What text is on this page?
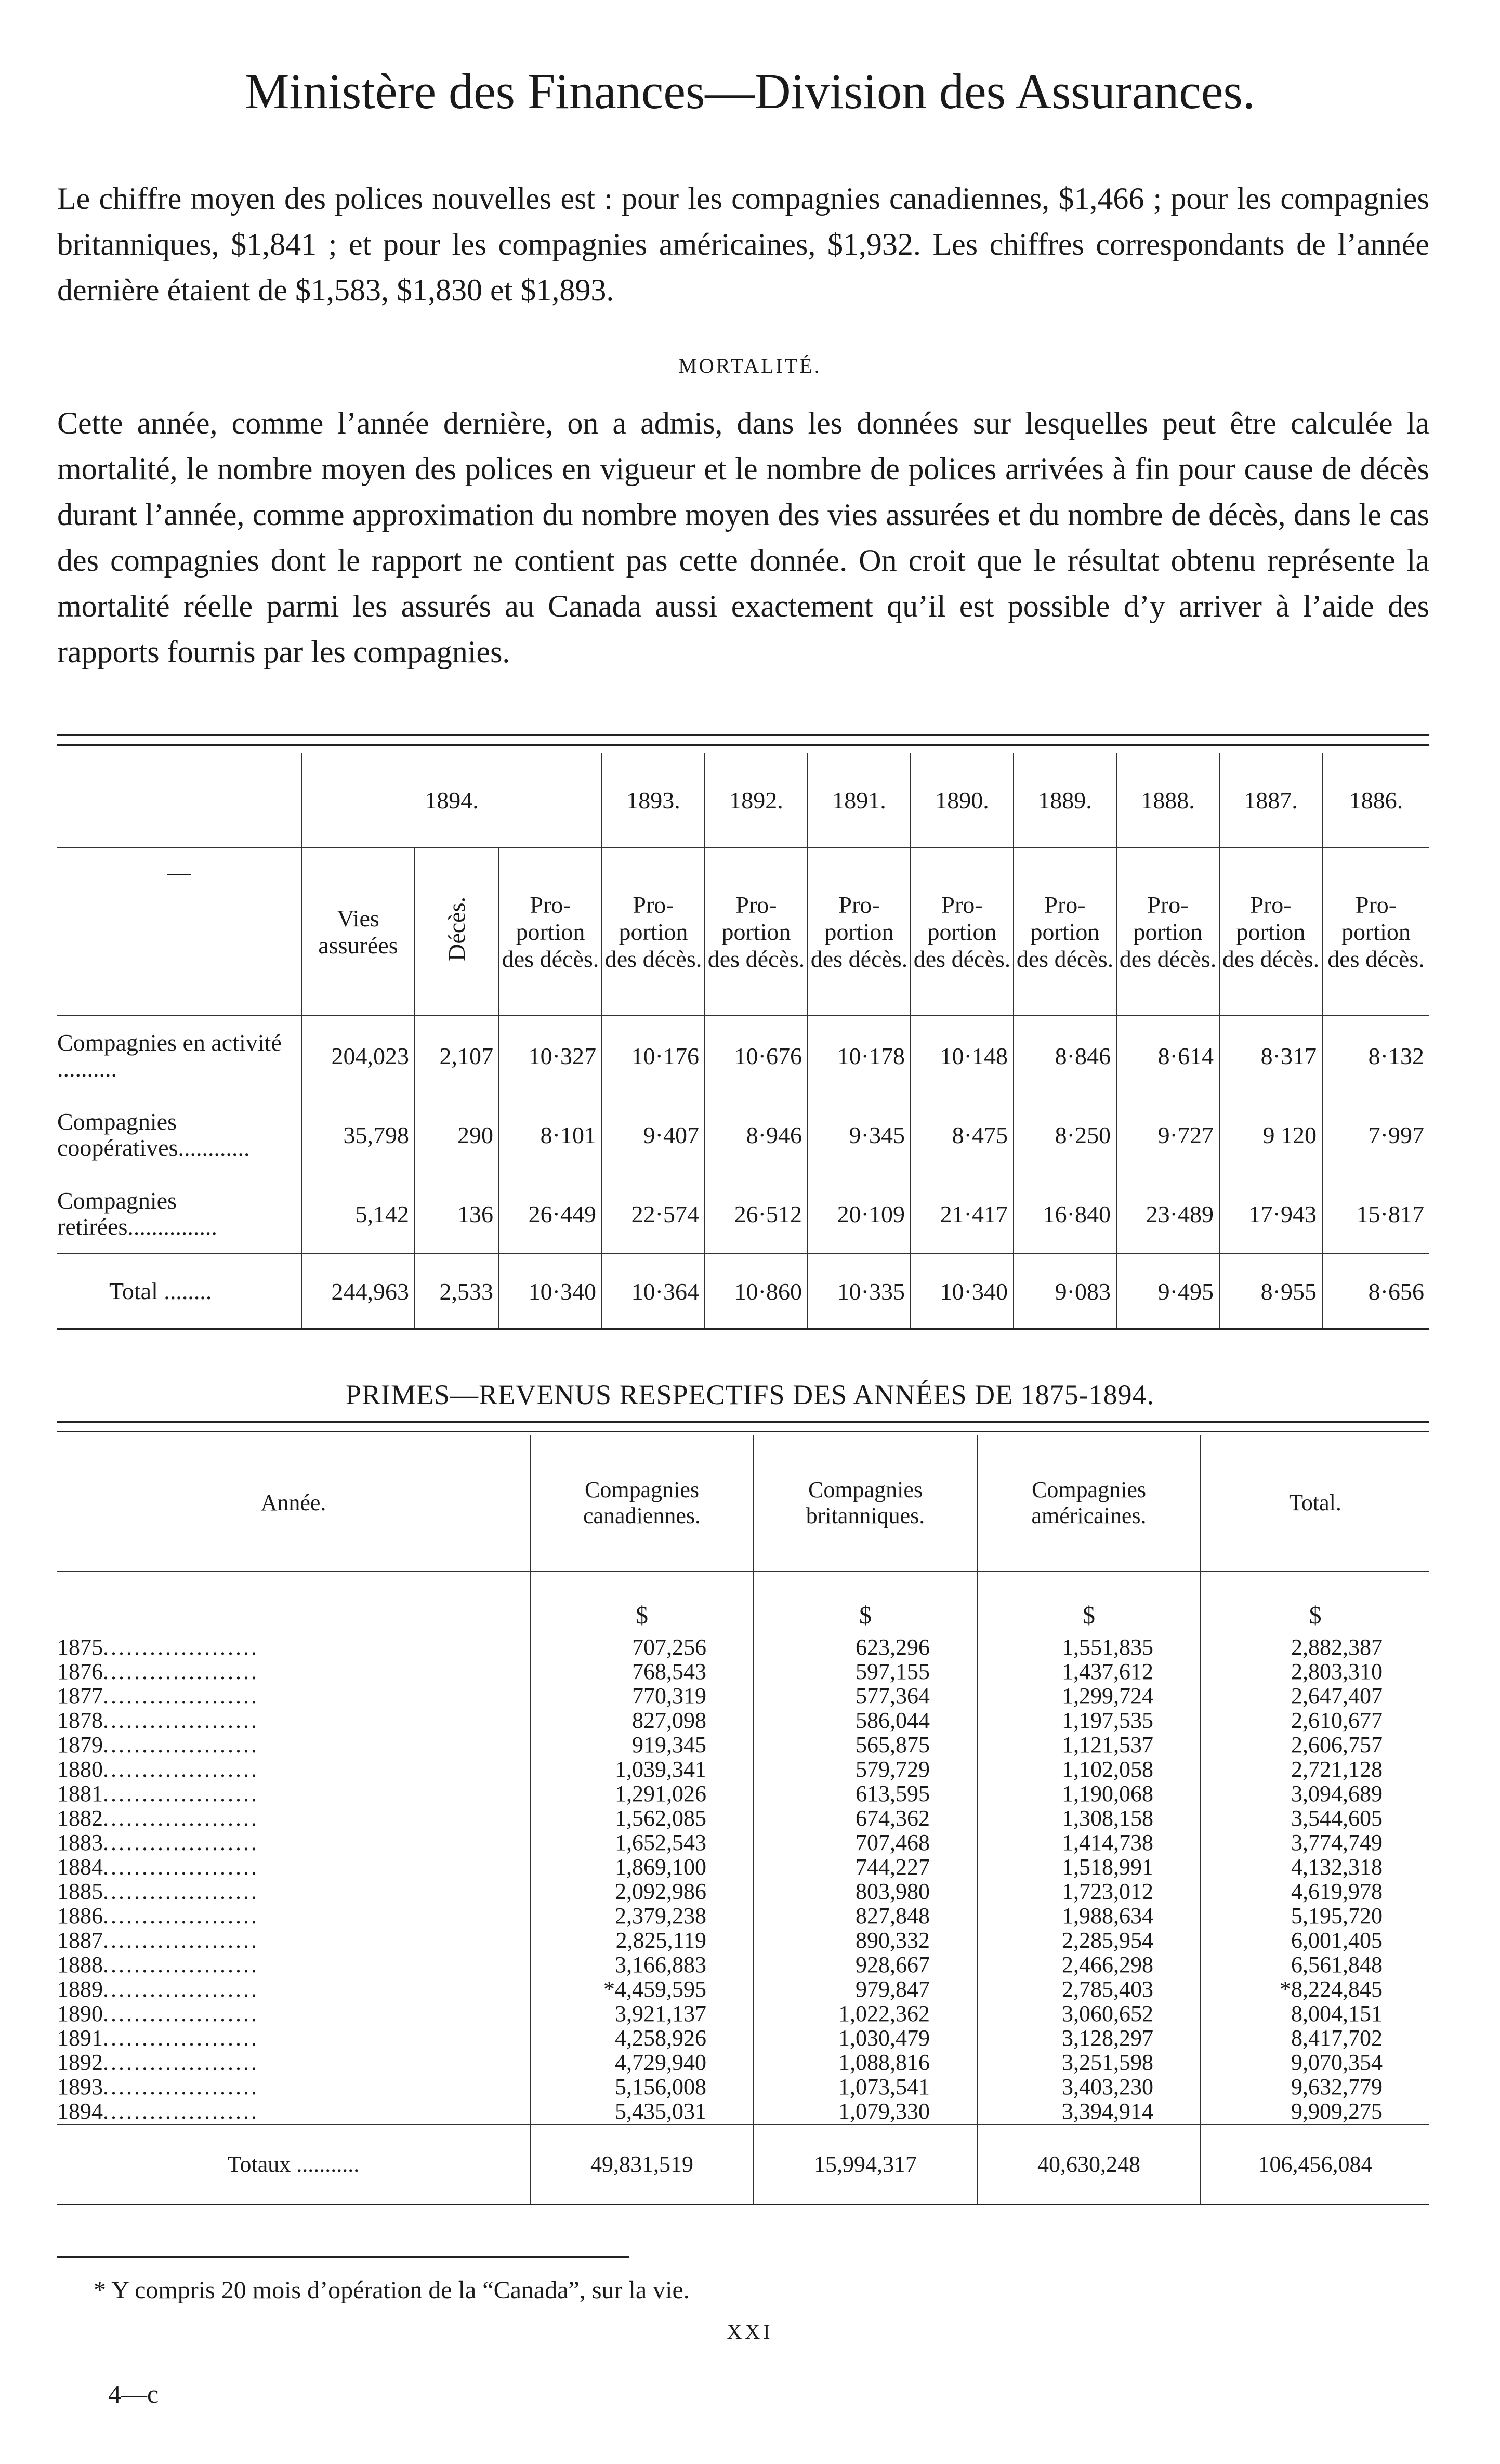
Ministère des Finances—Division des Assurances.

Le chiffre moyen des polices nouvelles est : pour les compagnies canadiennes, $1,466 ; pour les compagnies britanniques, $1,841 ; et pour les compagnies américaines, $1,932. Les chiffres correspondants de l’année dernière étaient de $1,583, $1,830 et $1,893.

MORTALITÉ.

Cette année, comme l’année dernière, on a admis, dans les données sur lesquelles peut être calculée la mortalité, le nombre moyen des polices en vigueur et le nombre de polices arrivées à fin pour cause de décès durant l’année, comme approximation du nombre moyen des vies assurées et du nombre de décès, dans le cas des compagnies dont le rapport ne contient pas cette donnée. On croit que le résultat obtenu représente la mortalité réelle parmi les assurés au Canada aussi exactement qu’il est possible d’y arriver à l’aide des rapports fournis par les compagnies.

	1894.			1893.	1892.	1891.	1890.	1889.	1888.	1887.	1886.
—	Vies assurées	Décès.	Pro- portion des décès.	Pro- portion des décès.	Pro- portion des décès.	Pro- portion des décès.	Pro- portion des décès.	Pro- portion des décès.	Pro- portion des décès.	Pro- portion des décès.	Pro- portion des décès.
Compagnies en activité ..........	204,023	2,107	10·327	10·176	10·676	10·178	10·148	8·846	8·614	8·317	8·132
Compagnies coopératives............	35,798	290	8·101	9·407	8·946	9·345	8·475	8·250	9·727	9 120	7·997
Compagnies retirées...............	5,142	136	26·449	22·574	26·512	20·109	21·417	16·840	23·489	17·943	15·817
Total ........	244,963	2,533	10·340	10·364	10·860	10·335	10·340	9·083	9·495	8·955	8·656
PRIMES—REVENUS RESPECTIFS DES ANNÉES DE 1875-1894.
Année.	Compagnies canadiennes.	Compagnies britanniques.	Compagnies américaines.	Total.
	$	$	$	$
1875....................	707,256	623,296	1,551,835	2,882,387
1876....................	768,543	597,155	1,437,612	2,803,310
1877....................	770,319	577,364	1,299,724	2,647,407
1878....................	827,098	586,044	1,197,535	2,610,677
1879....................	919,345	565,875	1,121,537	2,606,757
1880....................	1,039,341	579,729	1,102,058	2,721,128
1881....................	1,291,026	613,595	1,190,068	3,094,689
1882....................	1,562,085	674,362	1,308,158	3,544,605
1883....................	1,652,543	707,468	1,414,738	3,774,749
1884....................	1,869,100	744,227	1,518,991	4,132,318
1885....................	2,092,986	803,980	1,723,012	4,619,978
1886....................	2,379,238	827,848	1,988,634	5,195,720
1887....................	2,825,119	890,332	2,285,954	6,001,405
1888....................	3,166,883	928,667	2,466,298	6,561,848
1889....................	*4,459,595	979,847	2,785,403	*8,224,845
1890....................	3,921,137	1,022,362	3,060,652	8,004,151
1891....................	4,258,926	1,030,479	3,128,297	8,417,702
1892....................	4,729,940	1,088,816	3,251,598	9,070,354
1893....................	5,156,008	1,073,541	3,403,230	9,632,779
1894....................	5,435,031	1,079,330	3,394,914	9,909,275
Totaux ...........	49,831,519	15,994,317	40,630,248	106,456,084
* Y compris 20 mois d’opération de la “Canada”, sur la vie.
XXI
4—c
